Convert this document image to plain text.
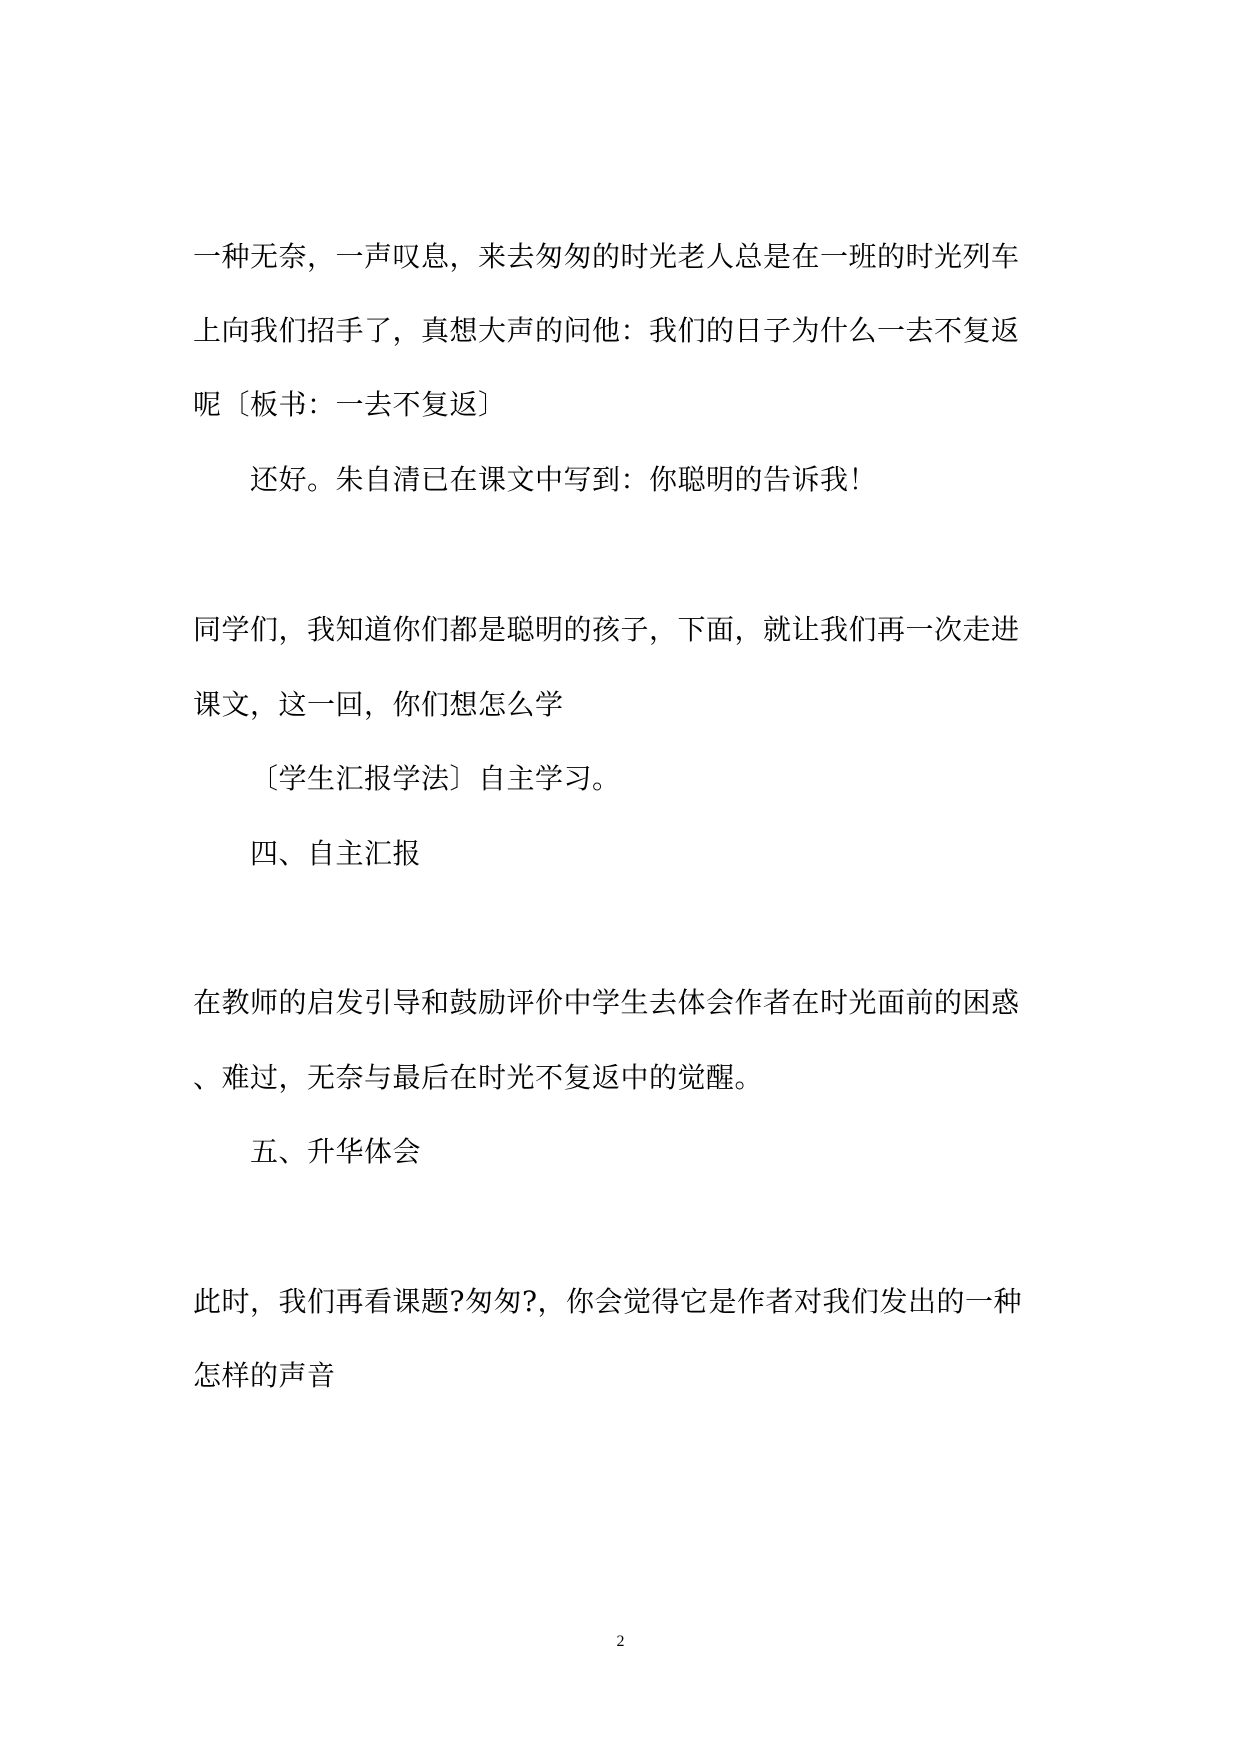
一种无奈，一声叹息，来去匆匆的时光老人总是在一班的时光列车
上向我们招手了，真想大声的问他：我们的日子为什么一去不复返
呢〔板书：一去不复返〕
还好。朱自清已在课文中写到：你聪明的告诉我！
同学们，我知道你们都是聪明的孩子，下面，就让我们再一次走进
课文，这一回，你们想怎么学
〔学生汇报学法〕自主学习。
四、自主汇报
在教师的启发引导和鼓励评价中学生去体会作者在时光面前的困惑
、难过，无奈与最后在时光不复返中的觉醒。
五、升华体会
此时，我们再看课题?匆匆?，你会觉得它是作者对我们发出的一种
怎样的声音
2
